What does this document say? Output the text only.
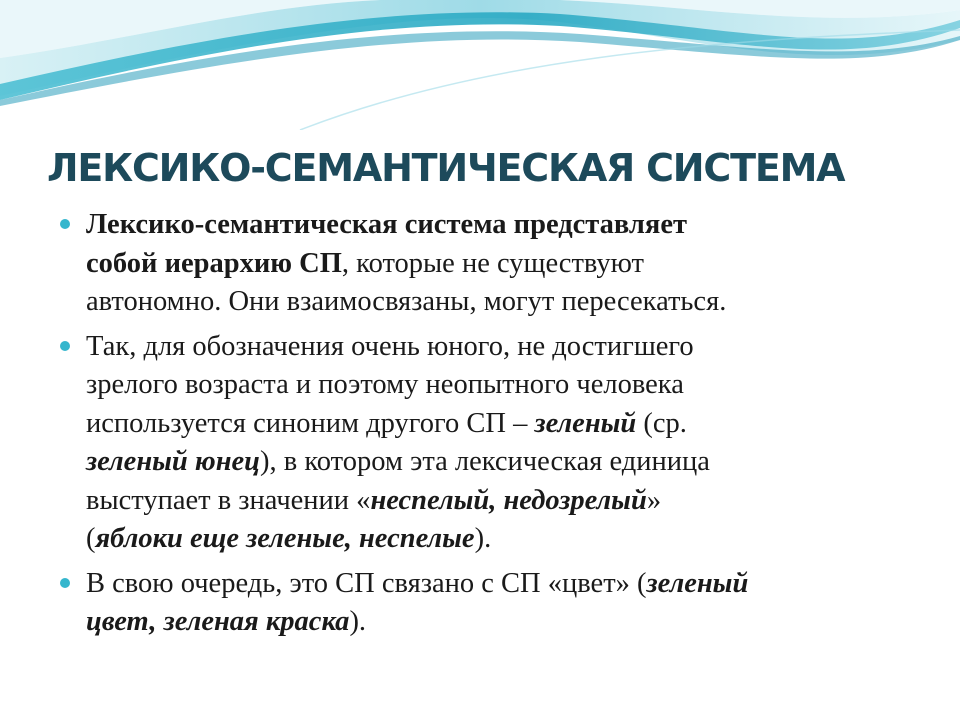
ЛЕКСИКО-СЕМАНТИЧЕСКАЯ СИСТЕМА
Лексико-семантическая система представляет
собой иерархию СП, которые не существуют
автономно. Они взаимосвязаны, могут пересекаться.
Так, для обозначения очень юного, не достигшего
зрелого возраста и поэтому неопытного человека
используется синоним другого СП – зеленый (ср.
зеленый юнец), в котором эта лексическая единица
выступает в значении «неспелый, недозрелый»
(яблоки еще зеленые, неспелые).
В свою очередь, это СП связано с СП «цвет» (зеленый
цвет, зеленая краска).
